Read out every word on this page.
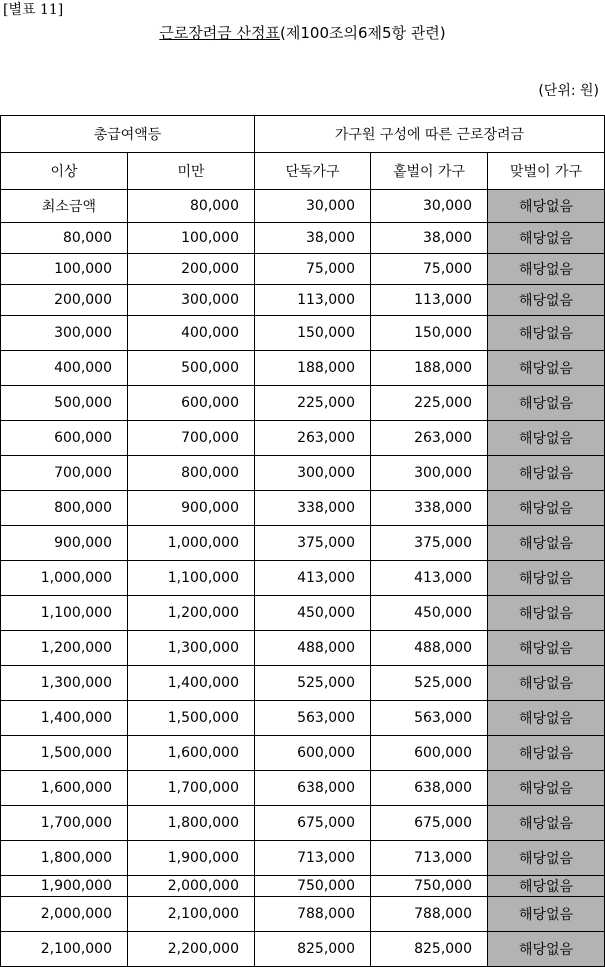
[별표 11]
근로장려금 산정표(제100조의6제5항 관련)
(단위: 원)
총급여액등		가구원 구성에 따른 근로장려금		
이상	미만	단독가구	홑벌이 가구	맞벌이 가구
최소금액	80,000	30,000	30,000	해당없음
80,000	100,000	38,000	38,000	해당없음
100,000	200,000	75,000	75,000	해당없음
200,000	300,000	113,000	113,000	해당없음
300,000	400,000	150,000	150,000	해당없음
400,000	500,000	188,000	188,000	해당없음
500,000	600,000	225,000	225,000	해당없음
600,000	700,000	263,000	263,000	해당없음
700,000	800,000	300,000	300,000	해당없음
800,000	900,000	338,000	338,000	해당없음
900,000	1,000,000	375,000	375,000	해당없음
1,000,000	1,100,000	413,000	413,000	해당없음
1,100,000	1,200,000	450,000	450,000	해당없음
1,200,000	1,300,000	488,000	488,000	해당없음
1,300,000	1,400,000	525,000	525,000	해당없음
1,400,000	1,500,000	563,000	563,000	해당없음
1,500,000	1,600,000	600,000	600,000	해당없음
1,600,000	1,700,000	638,000	638,000	해당없음
1,700,000	1,800,000	675,000	675,000	해당없음
1,800,000	1,900,000	713,000	713,000	해당없음
1,900,000	2,000,000	750,000	750,000	해당없음
2,000,000	2,100,000	788,000	788,000	해당없음
2,100,000	2,200,000	825,000	825,000	해당없음
